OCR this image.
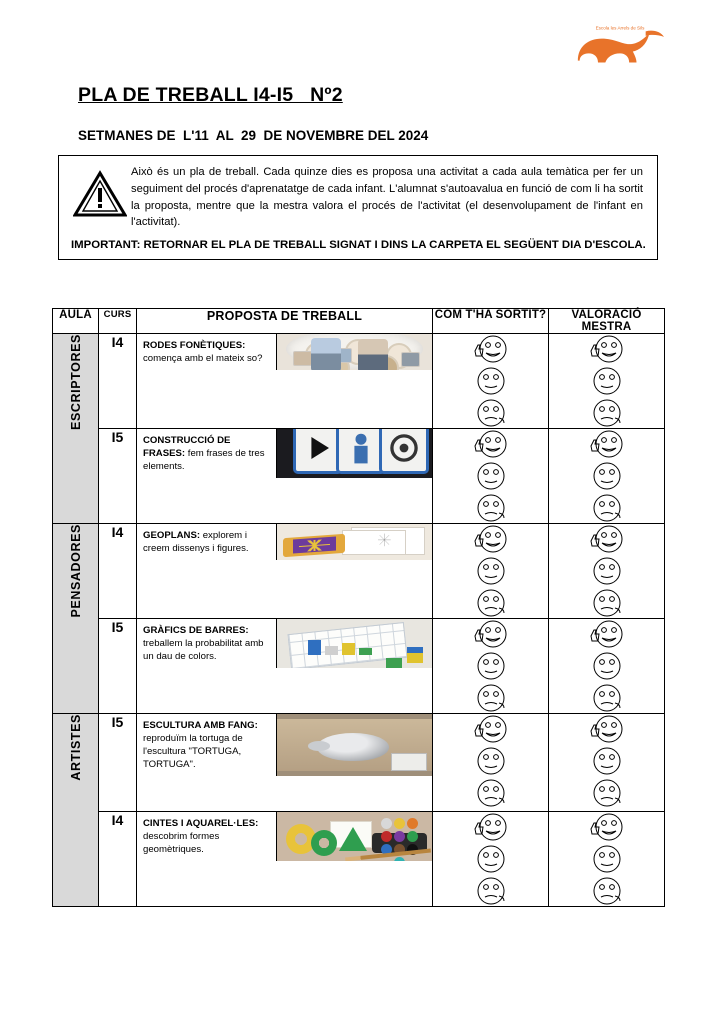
Escola les Arrels de Sils
PLA DE TREBALL I4-I5   Nº2
SETMANES DE  L'11  AL  29  DE NOVEMBRE DEL 2024
Això és un pla de treball. Cada quinze dies es proposa una activitat a cada aula temàtica per fer un seguiment del procés d'aprenatatge de cada infant. L'alumnat s'autoavalua en funció de com li ha sortit la proposta, mentre que la mestra valora el procés de l'activitat (el desenvolupament de l'infant en l'activitat).
IMPORTANT: RETORNAR EL PLA DE TREBALL SIGNAT I DINS LA CARPETA EL SEGÜENT DIA D'ESCOLA.
AULA	CURS	PROPOSTA DE TREBALL	COM T'HA SORTIT?	VALORACIÓ MESTRA
ESCRIPTORES	I4	RODES FONÈTIQUES: comença amb el mateix so?

	I5	CONSTRUCCIÓ DE FRASES: fem frases de tres elements.

PENSADORES	I4	GEOPLANS: explorem i creem dissenys i figures.

	I5	GRÀFICS DE BARRES: treballem la probabilitat amb un dau de colors.

ARTISTES	I5	ESCULTURA AMB FANG: reproduïm la tortuga de l'escultura "TORTUGA, TORTUGA".

	I4	CINTES I AQUAREL·LES: descobrim formes geomètriques.
